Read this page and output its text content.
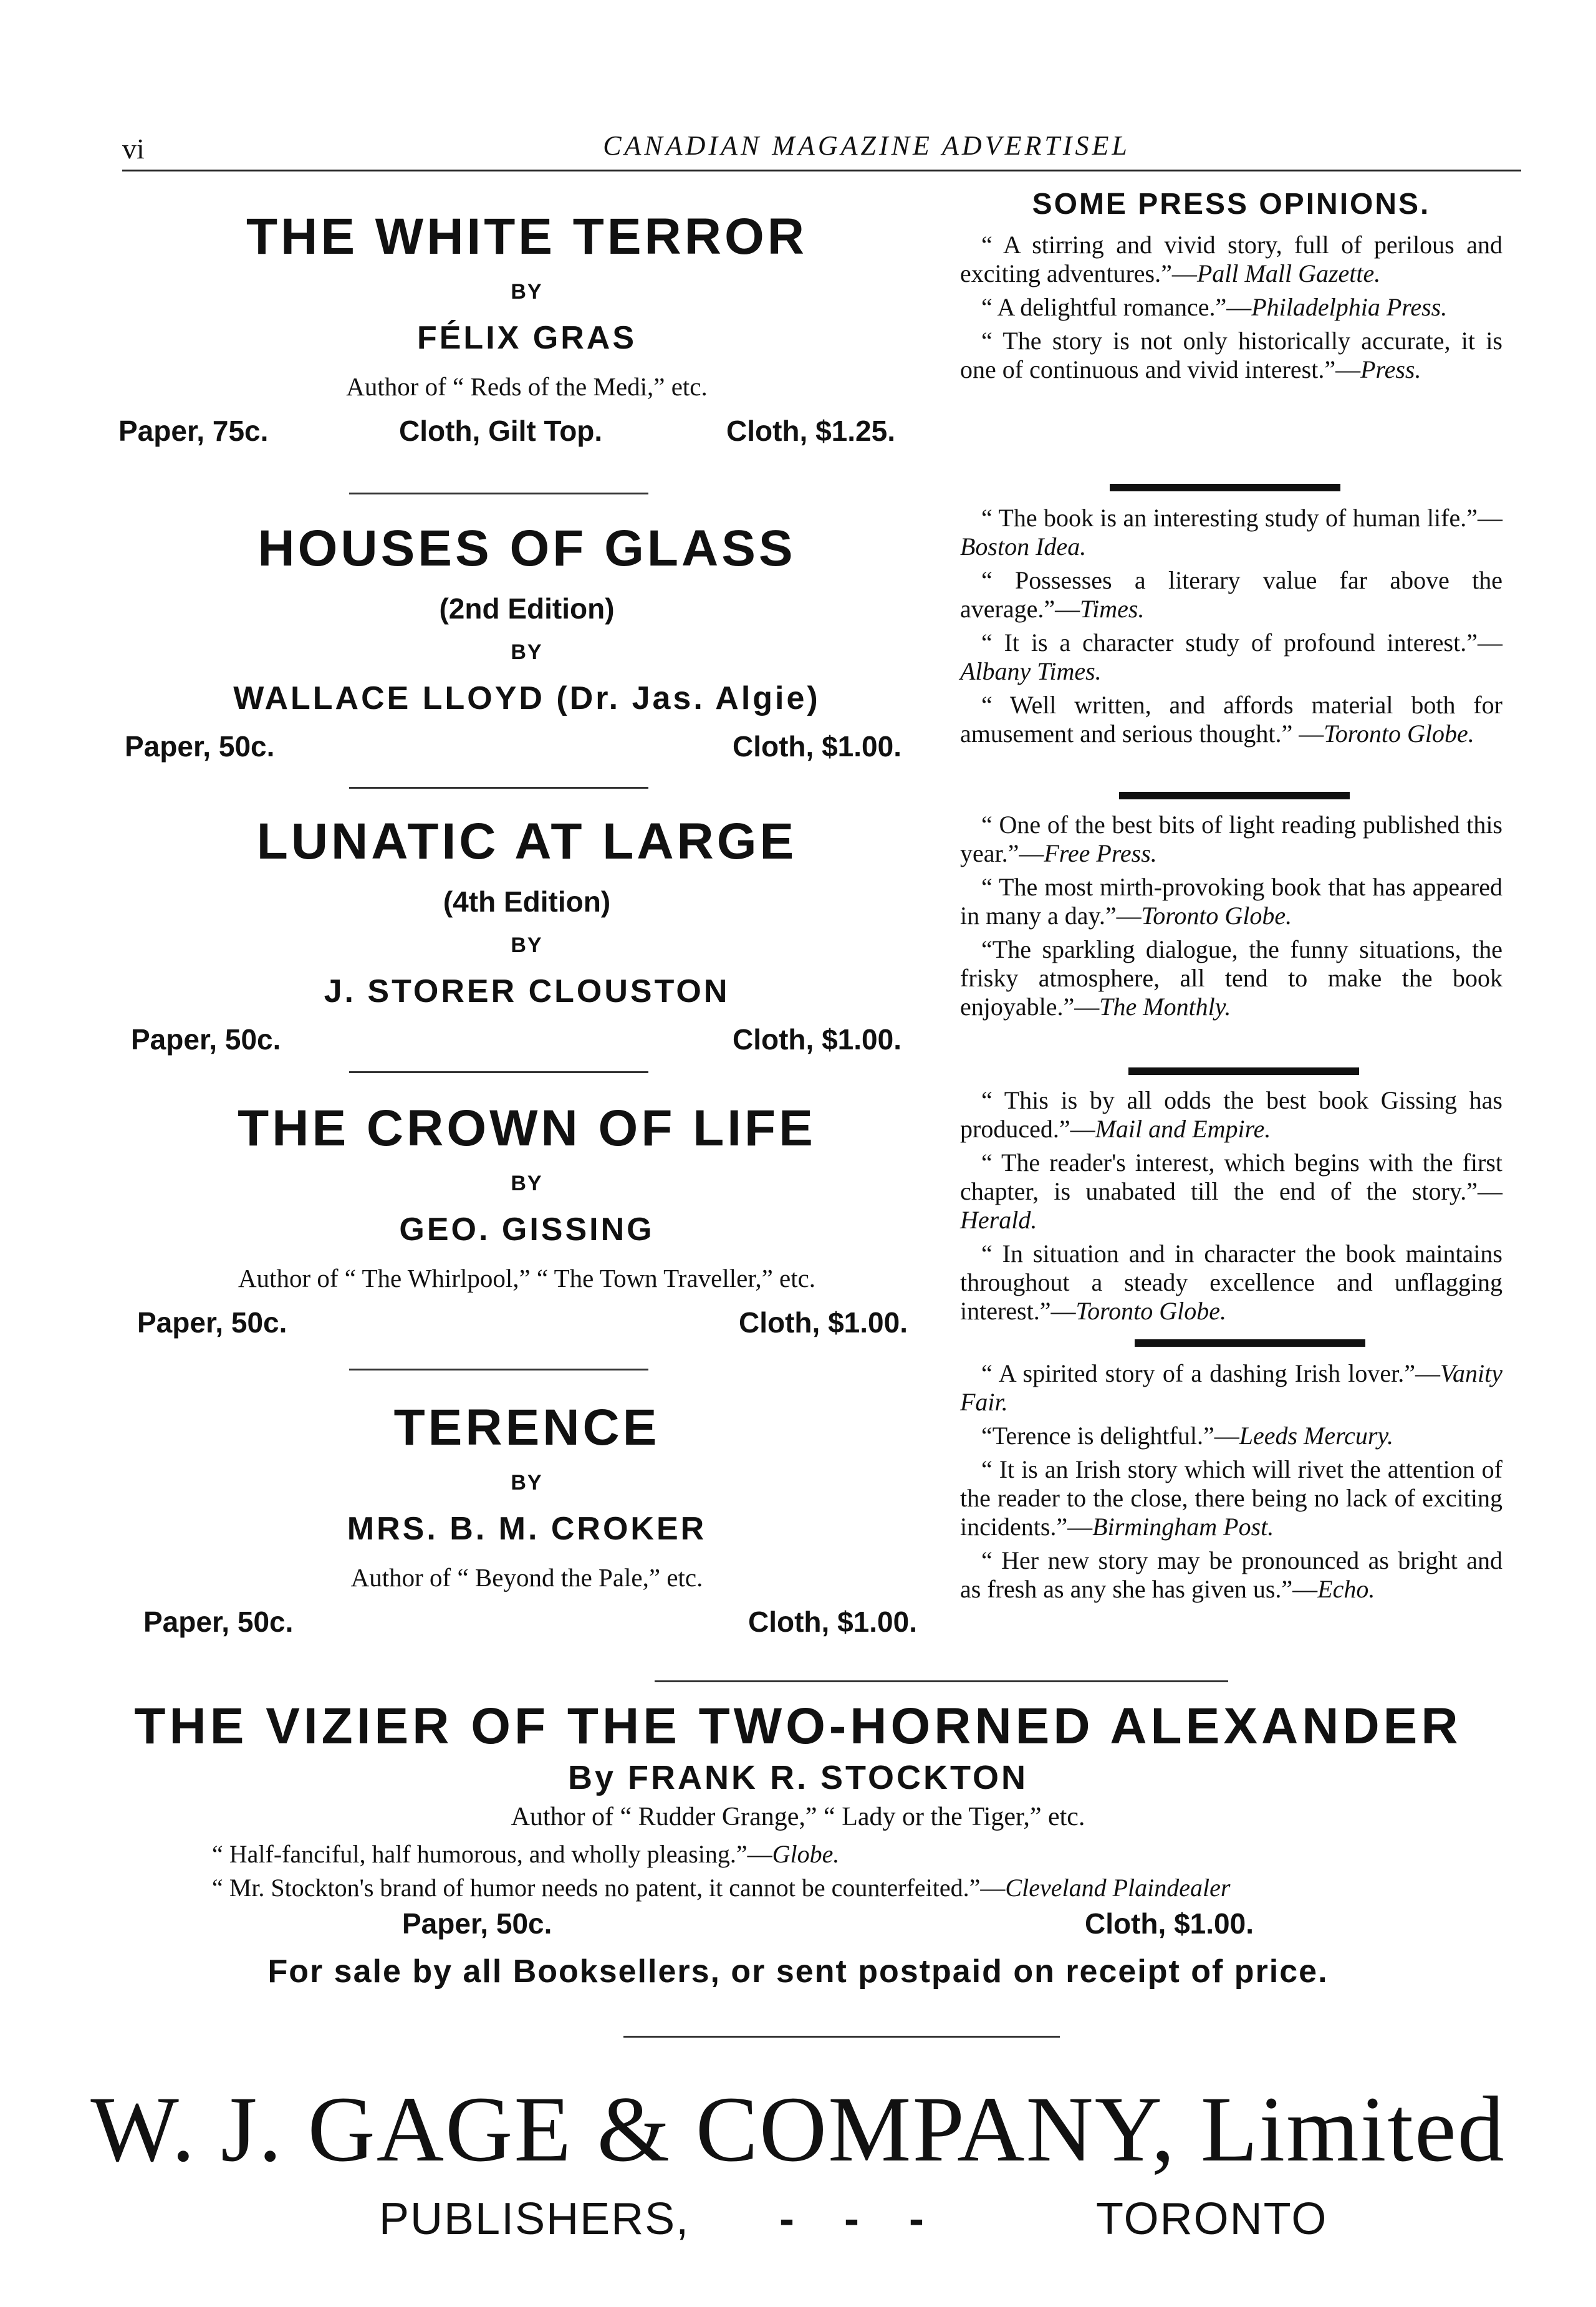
vi	CANADIAN MAGAZINE ADVERTISEL
THE WHITE TERROR
BY
FÉLIX GRAS
Author of “ Reds of the Medi,” etc.
Paper, 75c.	Cloth, Gilt Top.	Cloth, $1.25.
HOUSES OF GLASS
(2nd Edition)
BY
WALLACE LLOYD (Dr. Jas. Algie)
Paper, 50c.	Cloth, $1.00.
LUNATIC AT LARGE
(4th Edition)
BY
J. STORER CLOUSTON
Paper, 50c.	Cloth, $1.00.
THE CROWN OF LIFE
BY
GEO. GISSING
Author of “ The Whirlpool,” “ The Town Traveller,” etc.
Paper, 50c.	Cloth, $1.00.
TERENCE
BY
MRS. B. M. CROKER
Author of “ Beyond the Pale,” etc.
Paper, 50c.	Cloth, $1.00.
SOME PRESS OPINIONS.

“ A stirring and vivid story, full of perilous and exciting adventures.”—Pall Mall Gazette.

“ A delightful romance.”—Philadelphia Press.

“ The story is not only historically accurate, it is one of continuous and vivid interest.”—Press.

“ The book is an interesting study of human life.”—Boston Idea.

“ Possesses a literary value far above the average.”—Times.

“ It is a character study of profound interest.”—Albany Times.

“ Well written, and affords material both for amusement and serious thought.” —Toronto Globe.

“ One of the best bits of light reading published this year.”—Free Press.

“ The most mirth-provoking book that has appeared in many a day.”—Toronto Globe.

“The sparkling dialogue, the funny situations, the frisky atmosphere, all tend to make the book enjoyable.”—The Monthly.

“ This is by all odds the best book Gissing has produced.”—Mail and Empire.

“ The reader's interest, which begins with the first chapter, is unabated till the end of the story.”—Herald.

“ In situation and in character the book maintains throughout a steady excellence and unflagging interest.”—Toronto Globe.

“ A spirited story of a dashing Irish lover.”—Vanity Fair.

“Terence is delightful.”—Leeds Mercury.

“ It is an Irish story which will rivet the attention of the reader to the close, there being no lack of exciting incidents.”—Birmingham Post.

“ Her new story may be pronounced as bright and as fresh as any she has given us.”—Echo.

THE VIZIER OF THE TWO-HORNED ALEXANDER
By FRANK R. STOCKTON
Author of “ Rudder Grange,” “ Lady or the Tiger,” etc.
“ Half-fanciful, half humorous, and wholly pleasing.”—Globe.
“ Mr. Stockton's brand of humor needs no patent, it cannot be counterfeited.”—Cleveland Plaindealer
Paper, 50c.	Cloth, $1.00.
For sale by all Booksellers, or sent postpaid on receipt of price.
W. J. GAGE & COMPANY, Limited
PUBLISHERS, - - -	TORONTO
